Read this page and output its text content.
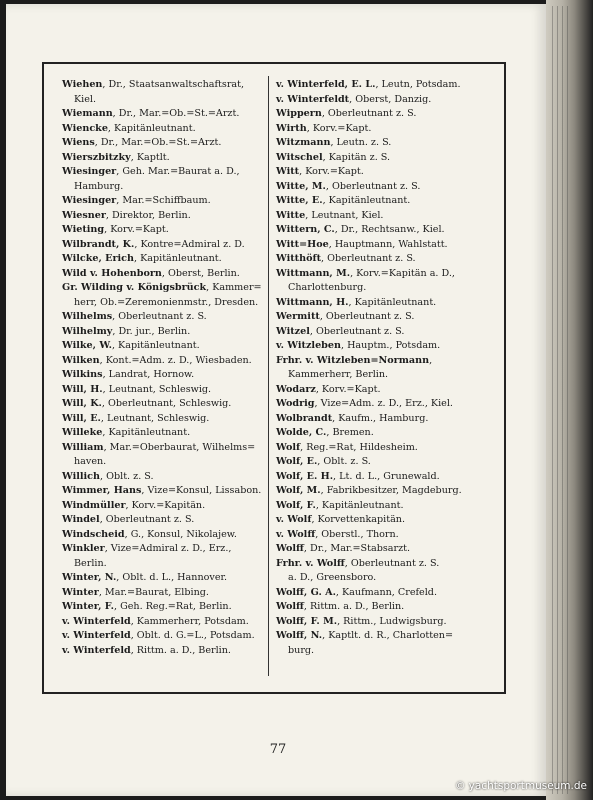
Wiehen, Dr., Staatsanwaltschaftsrat,
Kiel.
Wiemann, Dr., Mar.=Ob.=St.=Arzt.
Wiencke, Kapitänleutnant.
Wiens, Dr., Mar.=Ob.=St.=Arzt.
Wierszbitzky, Kaptlt.
Wiesinger, Geh. Mar.=Baurat a. D.,
Hamburg.
Wiesinger, Mar.=Schiffbaum.
Wiesner, Direktor, Berlin.
Wieting, Korv.=Kapt.
Wilbrandt, K., Kontre=Admiral z. D.
Wilcke, Erich, Kapitänleutnant.
Wild v. Hohenborn, Oberst, Berlin.
Gr. Wilding v. Königsbrück, Kammer=
herr, Ob.=Zeremonienmstr., Dresden.
Wilhelms, Oberleutnant z. S.
Wilhelmy, Dr. jur., Berlin.
Wilke, W., Kapitänleutnant.
Wilken, Kont.=Adm. z. D., Wiesbaden.
Wilkins, Landrat, Hornow.
Will, H., Leutnant, Schleswig.
Will, K., Oberleutnant, Schleswig.
Will, E., Leutnant, Schleswig.
Willeke, Kapitänleutnant.
William, Mar.=Oberbaurat, Wilhelms=
haven.
Willich, Oblt. z. S.
Wimmer, Hans, Vize=Konsul, Lissabon.
Windmüller, Korv.=Kapitän.
Windel, Oberleutnant z. S.
Windscheid, G., Konsul, Nikolajew.
Winkler, Vize=Admiral z. D., Erz.,
Berlin.
Winter, N., Oblt. d. L., Hannover.
Winter, Mar.=Baurat, Elbing.
Winter, F., Geh. Reg.=Rat, Berlin.
v. Winterfeld, Kammerherr, Potsdam.
v. Winterfeld, Oblt. d. G.=L., Potsdam.
v. Winterfeld, Rittm. a. D., Berlin.
v. Winterfeld, E. L., Leutn, Potsdam.
v. Winterfeldt, Oberst, Danzig.
Wippern, Oberleutnant z. S.
Wirth, Korv.=Kapt.
Witzmann, Leutn. z. S.
Witschel, Kapitän z. S.
Witt, Korv.=Kapt.
Witte, M., Oberleutnant z. S.
Witte, E., Kapitänleutnant.
Witte, Leutnant, Kiel.
Wittern, C., Dr., Rechtsanw., Kiel.
Witt=Hoe, Hauptmann, Wahlstatt.
Witthöft, Oberleutnant z. S.
Wittmann, M., Korv.=Kapitän a. D.,
Charlottenburg.
Wittmann, H., Kapitänleutnant.
Wermitt, Oberleutnant z. S.
Witzel, Oberleutnant z. S.
v. Witzleben, Hauptm., Potsdam.
Frhr. v. Witzleben=Normann,
Kammerherr, Berlin.
Wodarz, Korv.=Kapt.
Wodrig, Vize=Adm. z. D., Erz., Kiel.
Wolbrandt, Kaufm., Hamburg.
Wolde, C., Bremen.
Wolf, Reg.=Rat, Hildesheim.
Wolf, E., Oblt. z. S.
Wolf, E. H., Lt. d. L., Grunewald.
Wolf, M., Fabrikbesitzer, Magdeburg.
Wolf, F., Kapitänleutnant.
v. Wolf, Korvettenkapitän.
v. Wolff, Oberstl., Thorn.
Wolff, Dr., Mar.=Stabsarzt.
Frhr. v. Wolff, Oberleutnant z. S.
a. D., Greensboro.
Wolff, G. A., Kaufmann, Crefeld.
Wolff, Rittm. a. D., Berlin.
Wolff, F. M., Rittm., Ludwigsburg.
Wolff, N., Kaptlt. d. R., Charlotten=
burg.
77
© yachtsportmuseum.de
